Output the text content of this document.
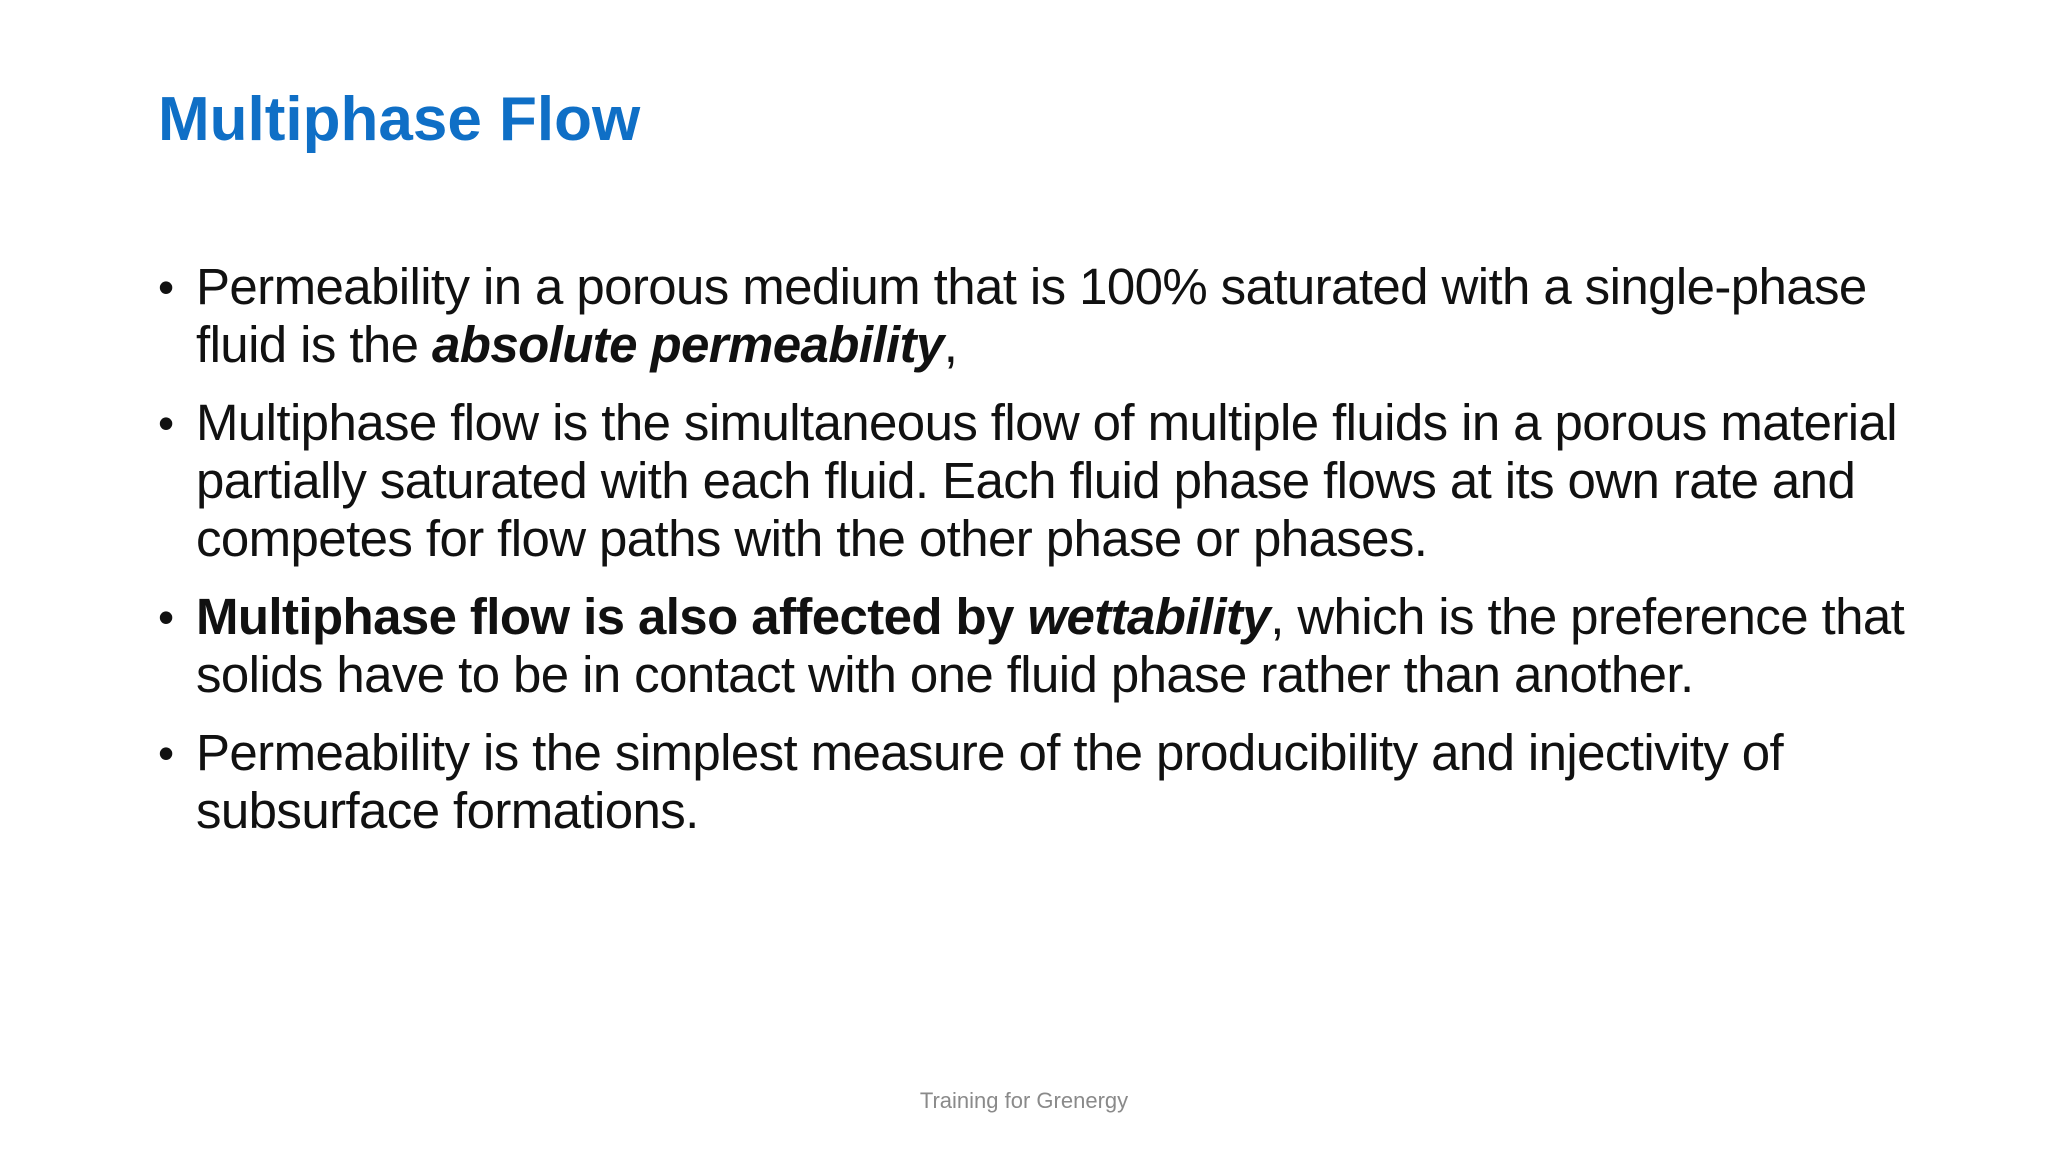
Multiphase Flow
• Permeability in a porous medium that is 100% saturated with a single-phase fluid is the absolute permeability,
• Multiphase flow is the simultaneous flow of multiple fluids in a porous material partially saturated with each fluid. Each fluid phase flows at its own rate and competes for flow paths with the other phase or phases.
• Multiphase flow is also affected by wettability, which is the preference that solids have to be in contact with one fluid phase rather than another.
• Permeability is the simplest measure of the producibility and injectivity of subsurface formations.
Training for Grenergy
